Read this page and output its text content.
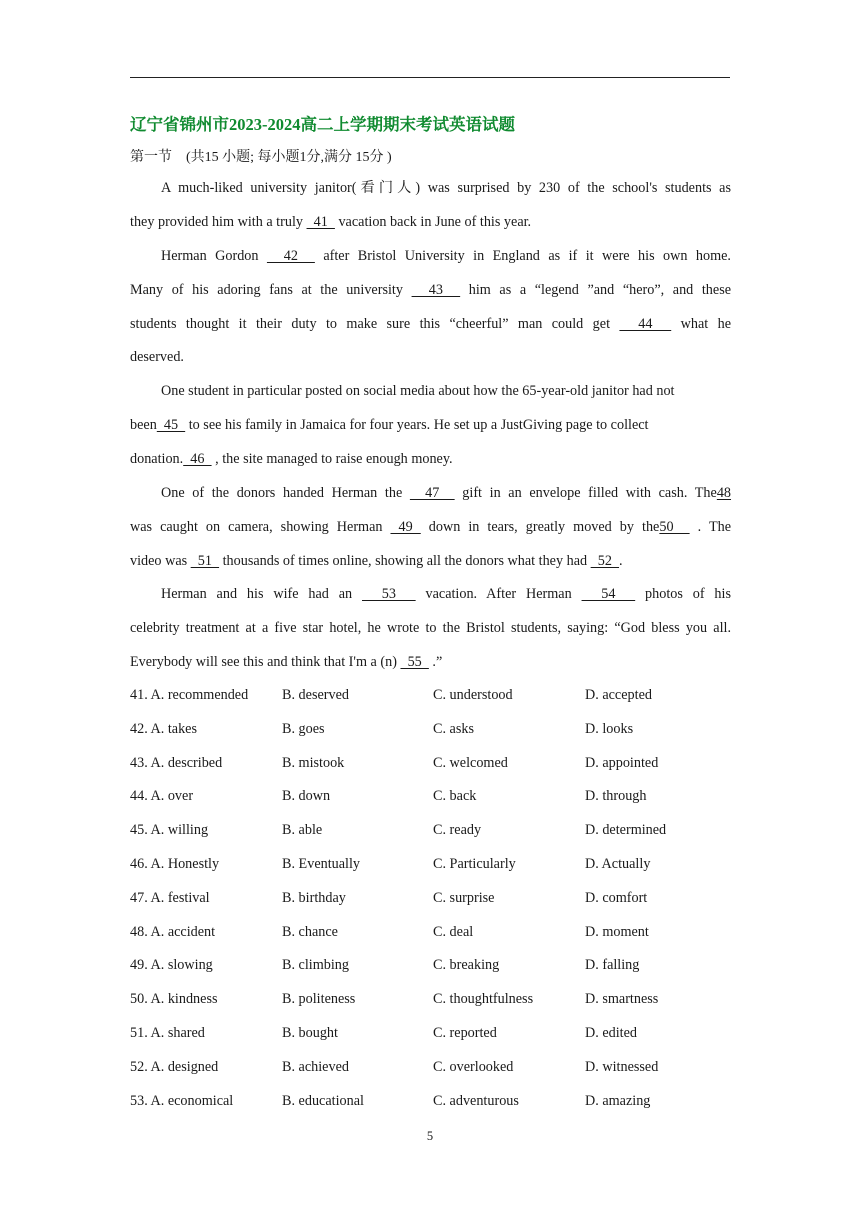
辽宁省锦州市2023-2024高二上学期期末考试英语试题
第一节　(共15 小题; 每小题1分,满分 15分 )
A much-liked university janitor(看门人) was surprised by 230 of the school's students as
they provided him with a truly   41   vacation back in June of this year.
Herman Gordon   42   after Bristol University in England as if it were his own home.
Many of his adoring fans at the university   43   him as a “legend ”and “hero”, and these
students thought it their duty to make sure this “cheerful” man could get   44   what he
deserved.
One student in particular posted on social media about how the 65-year-old janitor had not
been  45   to see his family in Jamaica for four years. He set up a JustGiving page to collect
donation.  46   , the site managed to raise enough money.
One of the donors handed Herman the   47   gift in an envelope filled with cash. The48
was caught on camera, showing Herman  49  down in tears, greatly moved by the50   . The
video was   51   thousands of times online, showing all the donors what they had   52  .
Herman and his wife had an   53   vacation. After Herman   54   photos of his
celebrity treatment at a five star hotel, he wrote to the Bristol students, saying: “God bless you all.
Everybody will see this and think that I'm a (n)   55   .”
41. A. recommended B. deserved	C. understood	D. accepted
42. A. takes	B. goes	C. asks	D. looks
43. A. described	B. mistook	C. welcomed	D. appointed
44. A. over	B. down	C. back	D. through
45. A. willing	B. able	C. ready	D. determined
46. A. Honestly	B. Eventually	C. Particularly	D. Actually
47. A. festival	B. birthday	C. surprise	D. comfort
48. A. accident	B. chance	C. deal	D. moment
49. A. slowing	B. climbing	C. breaking	D. falling
50. A. kindness	B. politeness	C. thoughtfulness	D. smartness
51. A. shared	B. bought	C. reported	D. edited
52. A. designed	B. achieved	C. overlooked	D. witnessed
53. A. economical	B. educational	C. adventurous	D. amazing
5
